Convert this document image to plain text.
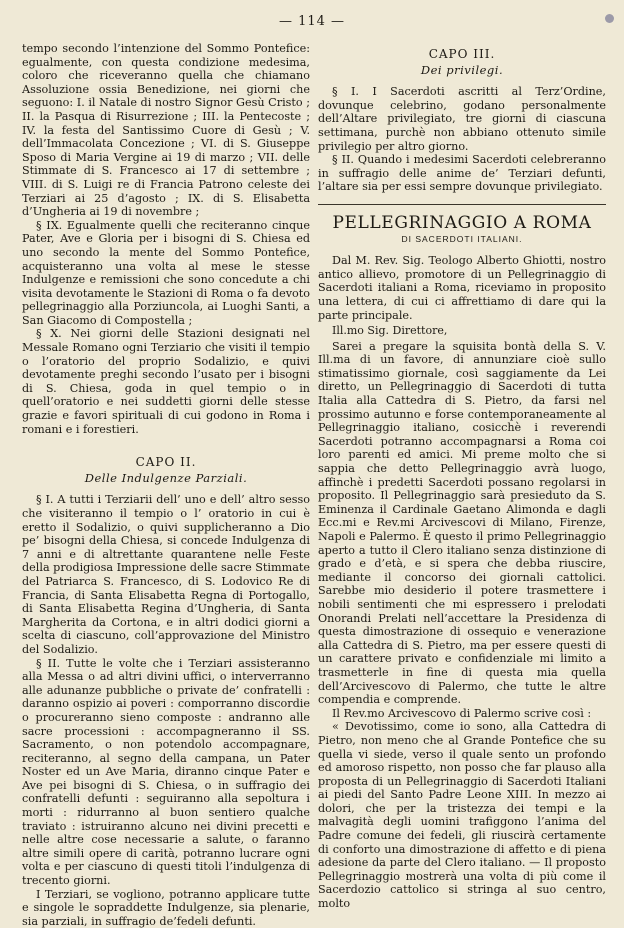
— 114 —

tempo secondo l’intenzione del Sommo Pontefice: egualmente, con questa condizione medesima, coloro che riceveranno quella che chiamano Assoluzione ossia Benedizione, nei giorni che seguono: I. il Natale di nostro Signor Gesù Cristo ; II. la Pasqua di Risurrezione ; III. la Pentecoste ; IV. la festa del Santissimo Cuore di Gesù ; V. dell’Immacolata Concezione ; VI. di S. Giuseppe Sposo di Maria Vergine ai 19 di marzo ; VII. delle Stimmate di S. Francesco ai 17 di settembre ; VIII. di S. Luigi re di Francia Patrono celeste dei Terziari ai 25 d’agosto ; IX. di S. Elisabetta d’Ungheria ai 19 di novembre ;

§ IX. Egualmente quelli che reciteranno cinque Pater, Ave e Gloria per i bisogni di S. Chiesa ed uno secondo la mente del Sommo Pontefice, acquisteranno una volta al mese le stesse Indulgenze e remissioni che sono concedute a chi visita devotamente le Stazioni di Roma o fa devoto pellegrinaggio alla Porziuncola, ai Luoghi Santi, a San Giacomo di Compostella ;

§ X. Nei giorni delle Stazioni designati nel Messale Romano ogni Terziario che visiti il tempio o l’oratorio del proprio Sodalizio, e quivi devotamente preghi secondo l’usato per i bisogni di S. Chiesa, goda in quel tempio o in quell’oratorio e nei suddetti giorni delle stesse grazie e favori spirituali di cui godono in Roma i romani e i forestieri.

CAPO II.
Delle Indulgenze Parziali.

§ I. A tutti i Terziarii dell’ uno e dell’ altro sesso che visiteranno il tempio o l’ oratorio in cui è eretto il Sodalizio, o quivi supplicheranno a Dio pe’ bisogni della Chiesa, si concede Indulgenza di 7 anni e di altrettante quarantene nelle Feste della prodigiosa Impressione delle sacre Stimmate del Patriarca S. Francesco, di S. Lodovico Re di Francia, di Santa Elisabetta Regna di Portogallo, di Santa Elisabetta Regina d’Ungheria, di Santa Margherita da Cortona, e in altri dodici giorni a scelta di ciascuno, coll’approvazione del Ministro del Sodalizio.

§ II. Tutte le volte che i Terziari assisteranno alla Messa o ad altri divini uffici, o interverranno alle adunanze pubbliche o private de’ confratelli : daranno ospizio ai poveri : comporranno discordie o procureranno sieno composte : andranno alle sacre processioni : accompagneranno il SS. Sacramento, o non potendolo accompagnare, reciteranno, al segno della campana, un Pater Noster ed un Ave Maria, diranno cinque Pater e Ave pei bisogni di S. Chiesa, o in suffragio dei confratelli defunti : seguiranno alla sepoltura i morti : ridurranno al buon sentiero qualche traviato : istruiranno alcuno nei divini precetti e nelle altre cose necessarie a salute, o faranno altre simili opere di carità, potranno lucrare ogni volta e per ciascuno di questi titoli l’indulgenza di trecento giorni.

I Terziari, se vogliono, potranno applicare tutte e singole le sopraddette Indulgenze, sia plenarie, sia parziali, in suffragio de’fedeli defunti.

CAPO III.
Dei privilegi.

§ I. I Sacerdoti ascritti al Terz’Ordine, dovunque celebrino, godano personalmente dell’Altare privilegiato, tre giorni di ciascuna settimana, purchè non abbiano ottenuto simile privilegio per altro giorno.

§ II. Quando i medesimi Sacerdoti celebreranno in suffragio delle anime de’ Terziari defunti, l’altare sia per essi sempre dovunque privilegiato.

PELLEGRINAGGIO A ROMA
DI SACERDOTI ITALIANI.

Dal M. Rev. Sig. Teologo Alberto Ghiotti, nostro antico allievo, promotore di un Pellegrinaggio di Sacerdoti italiani a Roma, riceviamo in proposito una lettera, di cui ci affrettiamo di dare qui la parte principale.

Ill.mo Sig. Direttore,

Sarei a pregare la squisita bontà della S. V. Ill.ma di un favore, di annunziare cioè sullo stimatissimo giornale, così saggiamente da Lei diretto, un Pellegrinaggio di Sacerdoti di tutta Italia alla Cattedra di S. Pietro, da farsi nel prossimo autunno e forse contemporaneamente al Pellegrinaggio italiano, cosicchè i reverendi Sacerdoti potranno accompagnarsi a Roma coi loro parenti ed amici. Mi preme molto che si sappia che detto Pellegrinaggio avrà luogo, affinchè i predetti Sacerdoti possano regolarsi in proposito. Il Pellegrinaggio sarà presieduto da S. Eminenza il Cardinale Gaetano Alimonda e dagli Ecc.mi e Rev.mi Arcivescovi di Milano, Firenze, Napoli e Palermo. È questo il primo Pellegrinaggio aperto a tutto il Clero italiano senza distinzione di grado e d’età, e si spera che debba riuscire, mediante il concorso dei giornali cattolici. Sarebbe mio desiderio il potere trasmettere i nobili sentimenti che mi espressero i prelodati Onorandi Prelati nell’accettare la Presidenza di questa dimostrazione di ossequio e venerazione alla Cattedra di S. Pietro, ma per essere questi di un carattere privato e confidenziale mi limito a trasmetterle in fine di questa mia quella dell’Arcivescovo di Palermo, che tutte le altre compendia e comprende.

Il Rev.mo Arcivescovo di Palermo scrive così :

« Devotissimo, come io sono, alla Cattedra di Pietro, non meno che al Grande Pontefice che su quella vi siede, verso il quale sento un profondo ed amoroso rispetto, non posso che far plauso alla proposta di un Pellegrinaggio di Sacerdoti Italiani ai piedi del Santo Padre Leone XIII. In mezzo ai dolori, che per la tristezza dei tempi e la malvagità degli uomini trafiggono l’anima del Padre comune dei fedeli, gli riuscirà certamente di conforto una dimostrazione di affetto e di piena adesione da parte del Clero italiano. — Il proposto Pellegrinaggio mostrerà una volta di più come il Sacerdozio cattolico si stringa al suo centro, molto
